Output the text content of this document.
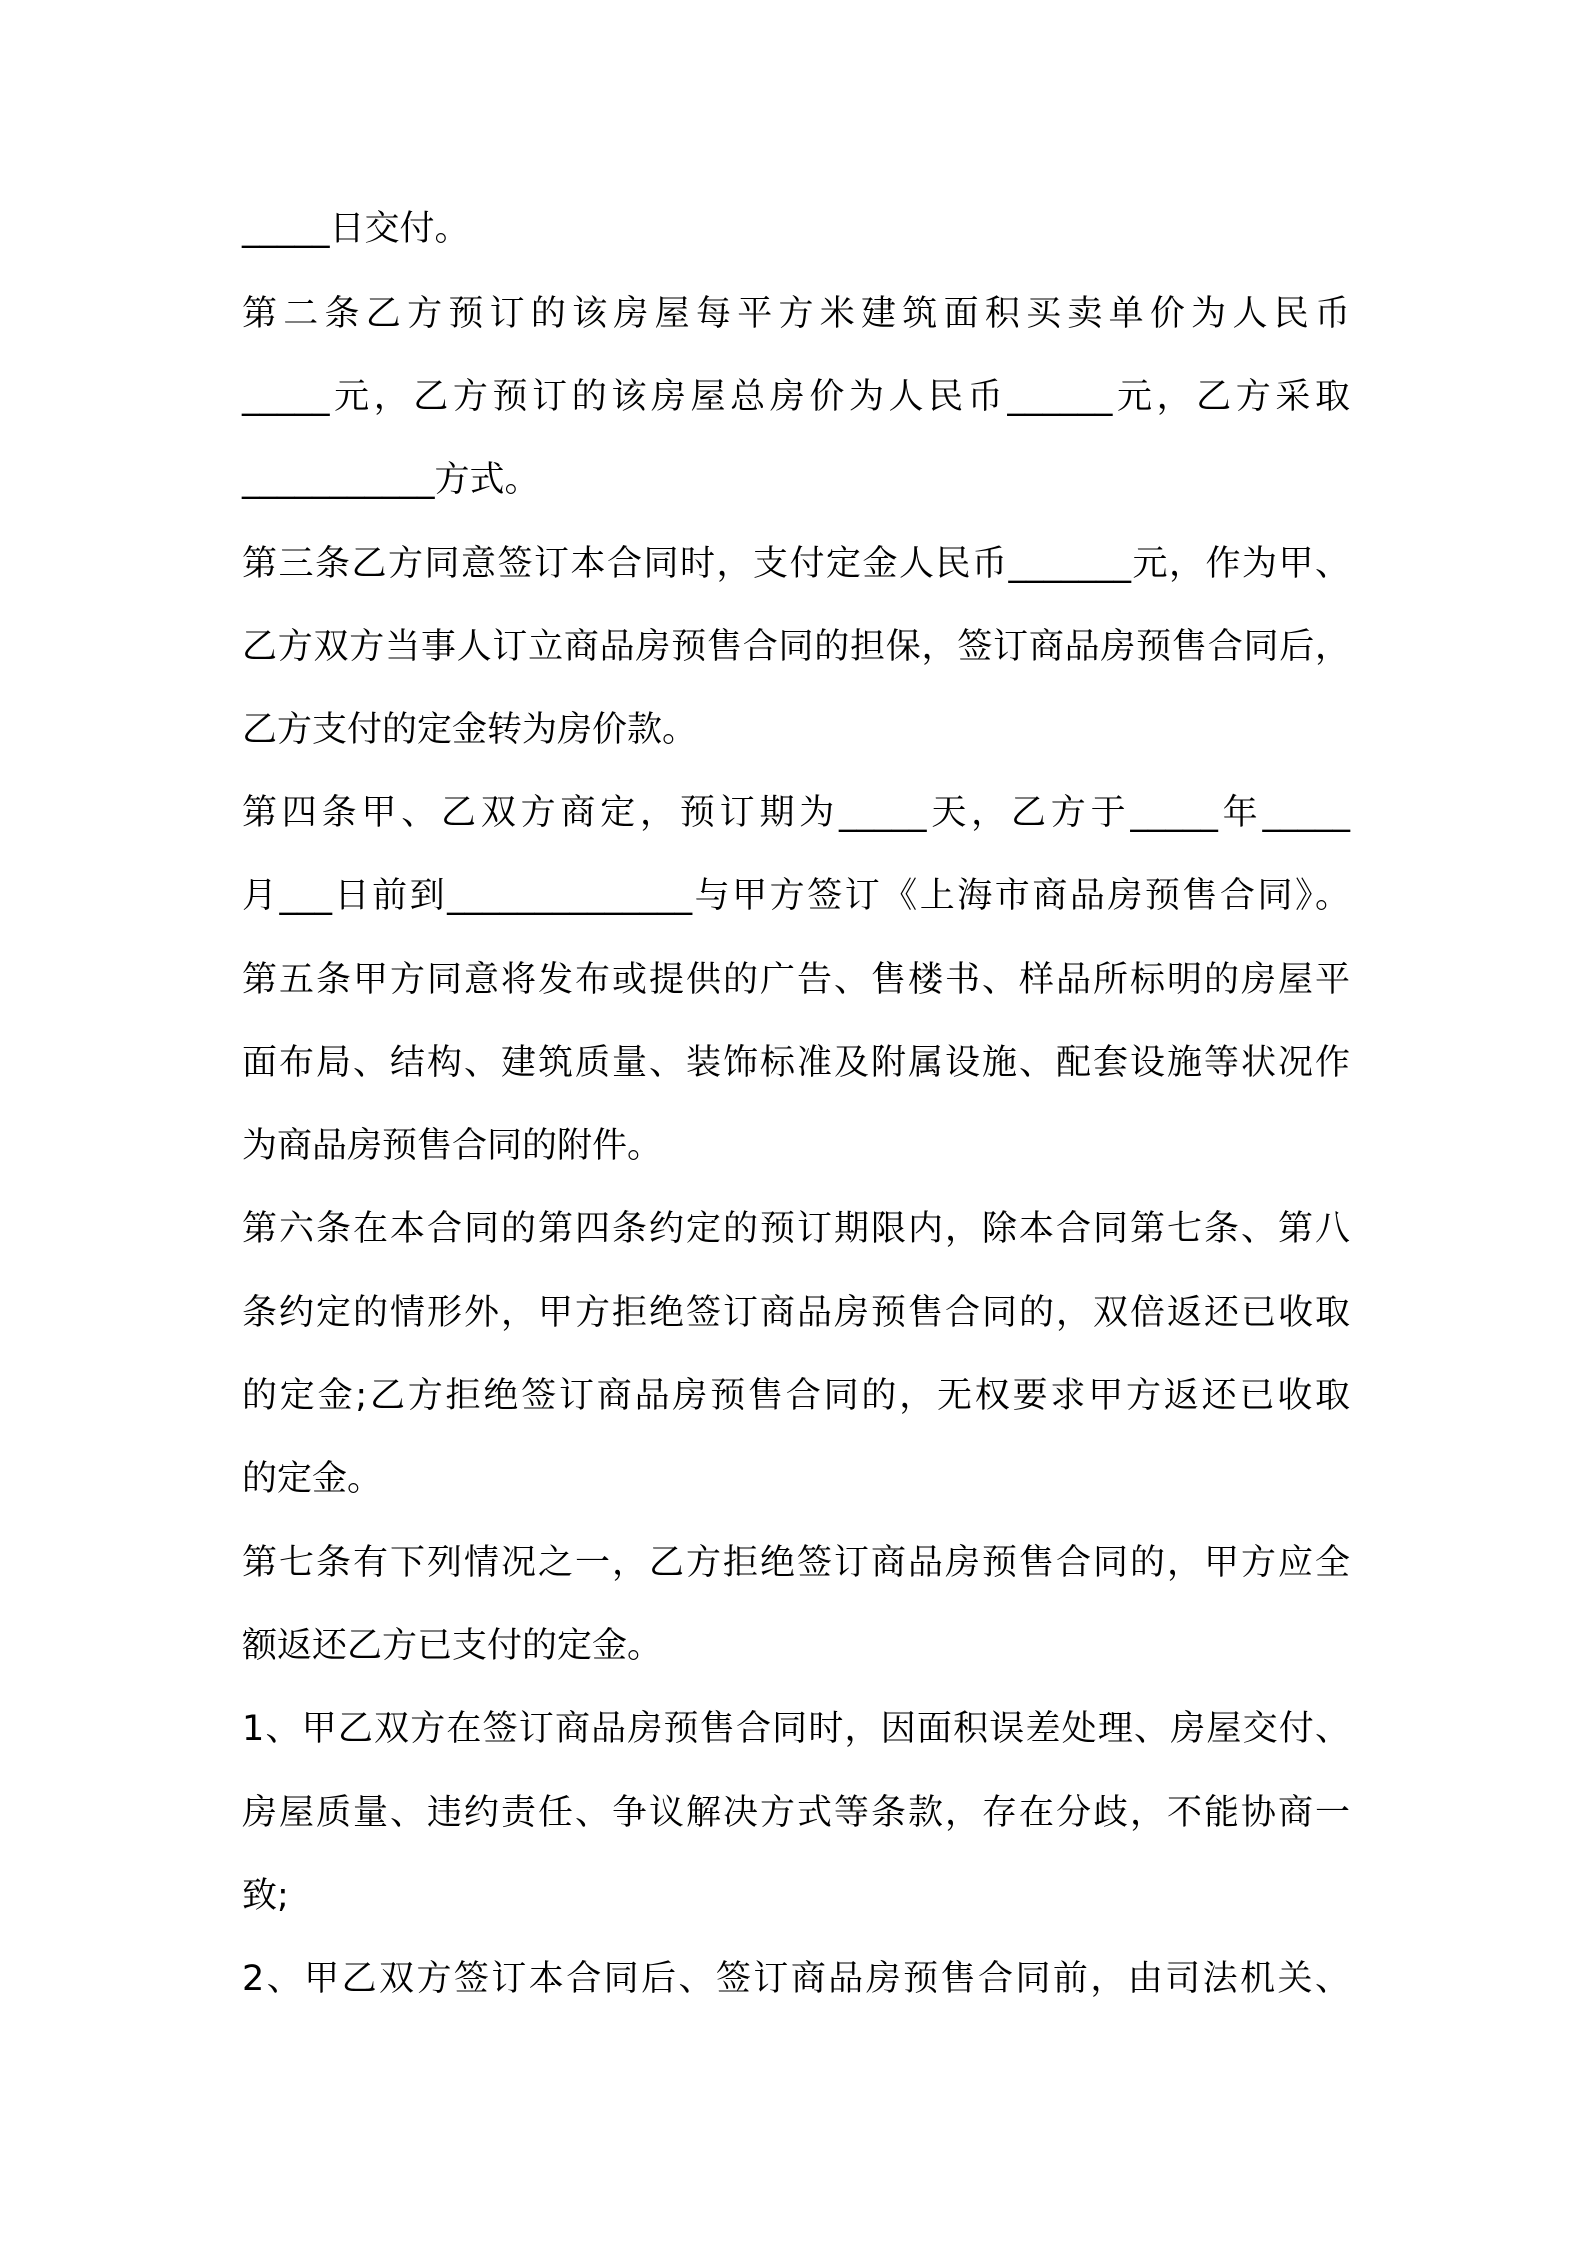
_____日交付。

第二条乙方预订的该房屋每平方米建筑面积买卖单价为人民币

_____元，乙方预订的该房屋总房价为人民币______元，乙方采取

___________方式。

第三条乙方同意签订本合同时，支付定金人民币_______元，作为甲、

乙方双方当事人订立商品房预售合同的担保，签订商品房预售合同后，

乙方支付的定金转为房价款。

第四条甲、乙双方商定，预订期为_____天，乙方于_____年_____

月___日前到______________与甲方签订《上海市商品房预售合同》。

第五条甲方同意将发布或提供的广告、售楼书、样品所标明的房屋平

面布局、结构、建筑质量、装饰标准及附属设施、配套设施等状况作

为商品房预售合同的附件。

第六条在本合同的第四条约定的预订期限内，除本合同第七条、第八

条约定的情形外，甲方拒绝签订商品房预售合同的，双倍返还已收取

的定金;乙方拒绝签订商品房预售合同的，无权要求甲方返还已收取

的定金。

第七条有下列情况之一，乙方拒绝签订商品房预售合同的，甲方应全

额返还乙方已支付的定金。

1、甲乙双方在签订商品房预售合同时，因面积误差处理、房屋交付、

房屋质量、违约责任、争议解决方式等条款，存在分歧，不能协商一

致;

2、甲乙双方签订本合同后、签订商品房预售合同前，由司法机关、
